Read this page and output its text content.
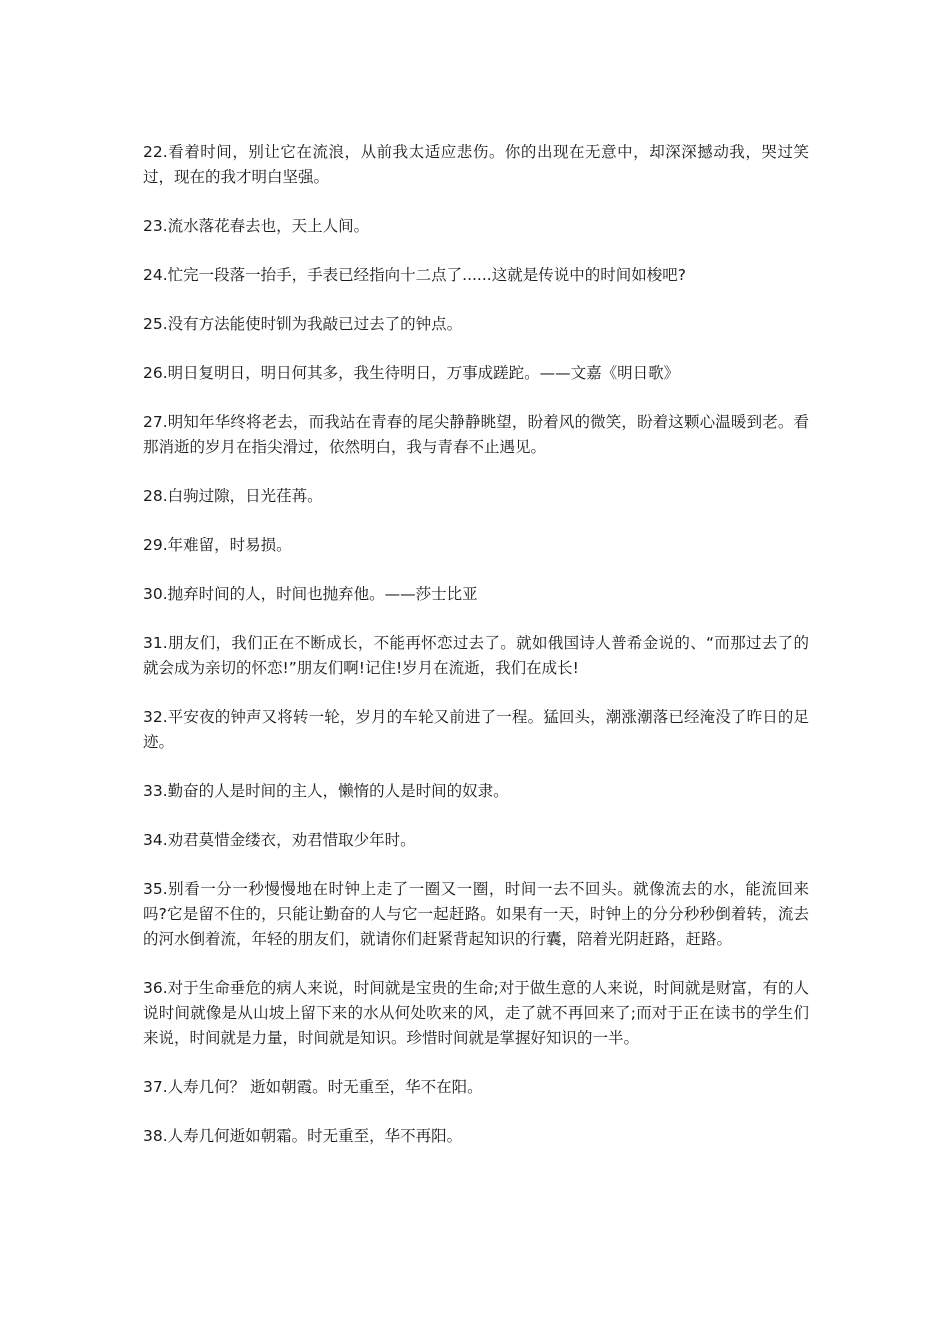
22.看着时间，别让它在流浪，从前我太适应悲伤。你的出现在无意中，却深深撼动我，哭过笑过，现在的我才明白坚强。

23.流水落花春去也，天上人间。

24.忙完一段落一抬手，手表已经指向十二点了......这就是传说中的时间如梭吧?

25.没有方法能使时钏为我敲已过去了的钟点。

26.明日复明日，明日何其多，我生待明日，万事成蹉跎。——文嘉《明日歌》

27.明知年华终将老去，而我站在青春的尾尖静静眺望，盼着风的微笑，盼着这颗心温暖到老。看那消逝的岁月在指尖滑过，依然明白，我与青春不止遇见。

28.白驹过隙，日光荏苒。

29.年难留，时易损。

30.抛弃时间的人，时间也抛弃他。——莎士比亚

31.朋友们，我们正在不断成长，不能再怀恋过去了。就如俄国诗人普希金说的、“而那过去了的就会成为亲切的怀恋!”朋友们啊!记住!岁月在流逝，我们在成长!

32.平安夜的钟声又将转一轮，岁月的车轮又前进了一程。猛回头，潮涨潮落已经淹没了昨日的足迹。

33.勤奋的人是时间的主人，懒惰的人是时间的奴隶。

34.劝君莫惜金缕衣，劝君惜取少年时。

35.别看一分一秒慢慢地在时钟上走了一圈又一圈，时间一去不回头。就像流去的水，能流回来吗?它是留不住的，只能让勤奋的人与它一起赶路。如果有一天，时钟上的分分秒秒倒着转，流去的河水倒着流，年轻的朋友们，就请你们赶紧背起知识的行囊，陪着光阴赶路，赶路。

36.对于生命垂危的病人来说，时间就是宝贵的生命;对于做生意的人来说，时间就是财富，有的人说时间就像是从山坡上留下来的水从何处吹来的风，走了就不再回来了;而对于正在读书的学生们来说，时间就是力量，时间就是知识。珍惜时间就是掌握好知识的一半。

37.人寿几何？ 逝如朝霞。时无重至，华不在阳。

38.人寿几何逝如朝霜。时无重至，华不再阳。
